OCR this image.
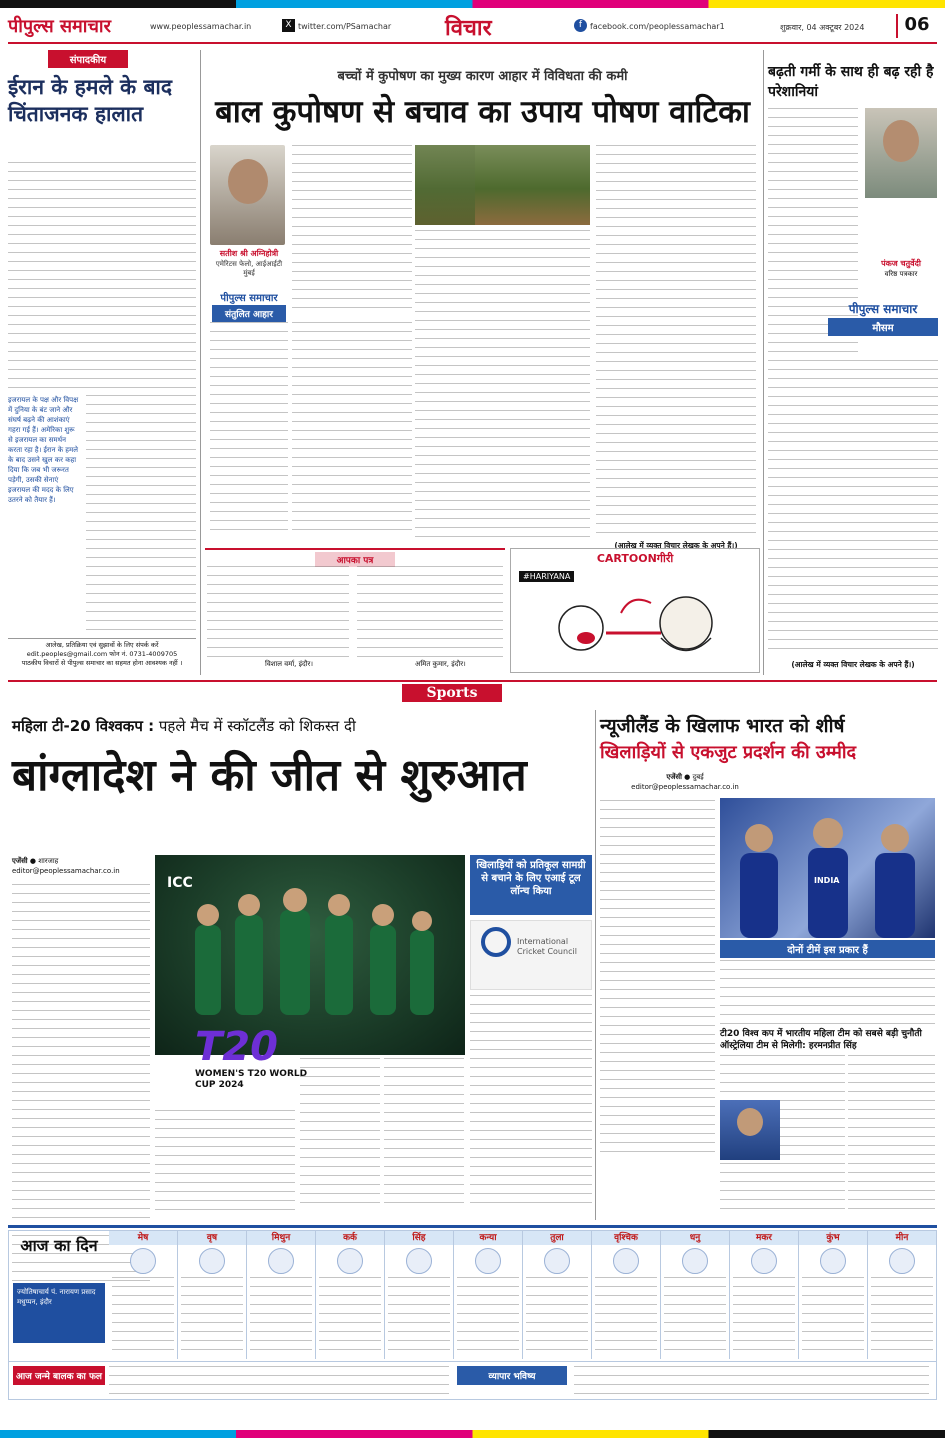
पीपुल्स समाचार	www.peoplessamachar.in	X twitter.com/PSamachar विचार	f facebook.com/peoplessamachar1	शुक्रवार, 04 अक्टूबर 2024	06
संपादकीय
ईरान के हमले के बाद चिंताजनक हालात
इजरायल के पक्ष और विपक्ष में दुनिया के बंट जाने और संघर्ष बढ़ने की आशंकाएं गहरा गई हैं। अमेरिका शुरू से इजरायल का समर्थन करता रहा है। ईरान के हमले के बाद उसने खुल कर कहा दिया कि जब भी जरूरत पड़ेगी, उसकी सेनाएं इजरायल की मदद के लिए उतरने को तैयार हैं।
आलेख, प्रतिक्रिया एवं सुझावों के लिए संपर्क करें
edit.peoples@gmail.com फोन नं. 0731-4009705
पाठकीय विचारों से पीपुल्स समाचार का सहमत होना आवश्यक नहीं ।
बच्चों में कुपोषण का मुख्य कारण आहार में विविधता की कमी
बाल कुपोषण से बचाव का उपाय पोषण वाटिका
सतीश श्री अग्निहोत्री
एमेरिटस फेलो, आईआईटी मुंबई
पीपुल्स समाचार
संतुलित आहार
(आलेख में व्यक्त विचार लेखक के अपने हैं।)
आपका पत्र
विशाल वर्मा, इंदौर।	अमित कुमार, इंदौर।
CARTOONगीरी
#HARIYANA
बढ़ती गर्मी के साथ ही बढ़ रही है परेशानियां
पंकज चतुर्वेदी
वरिष्ठ पत्रकार
पीपुल्स समाचार
मौसम
(आलेख में व्यक्त विचार लेखक के अपने हैं।)
Sports
महिला टी-20 विश्वकप : पहले मैच में स्कॉटलैंड को शिकस्त दी
बांग्लादेश ने की जीत से शुरुआत
एजेंसी ● शारजाह
editor@peoplessamachar.co.in
ICC
T20
WOMEN'S T20 WORLD CUP 2024
खिलाड़ियों को प्रतिकूल सामग्री से बचाने के लिए एआई टूल लॉन्च किया
International Cricket Council
न्यूजीलैंड के खिलाफ भारत को शीर्ष
खिलाड़ियों से एकजुट प्रदर्शन की उम्मीद
एजेंसी ● दुबई
editor@peoplessamachar.co.in
INDIA
दोनों टीमें इस प्रकार हैं
टी20 विश्व कप में भारतीय महिला टीम को सबसे बड़ी चुनौती ऑस्ट्रेलिया टीम से मिलेगी: हरमनप्रीत सिंह
आज का दिन
ज्योतिषाचार्य पं. नारायण प्रसाद मधुप्पन, इंदौर
मेष	वृष	मिथुन	कर्क	सिंह	कन्या	तुला	वृश्चिक	धनु	मकर	कुंभ	मीन
आज जन्मे बालक का फल	व्यापार भविष्य
